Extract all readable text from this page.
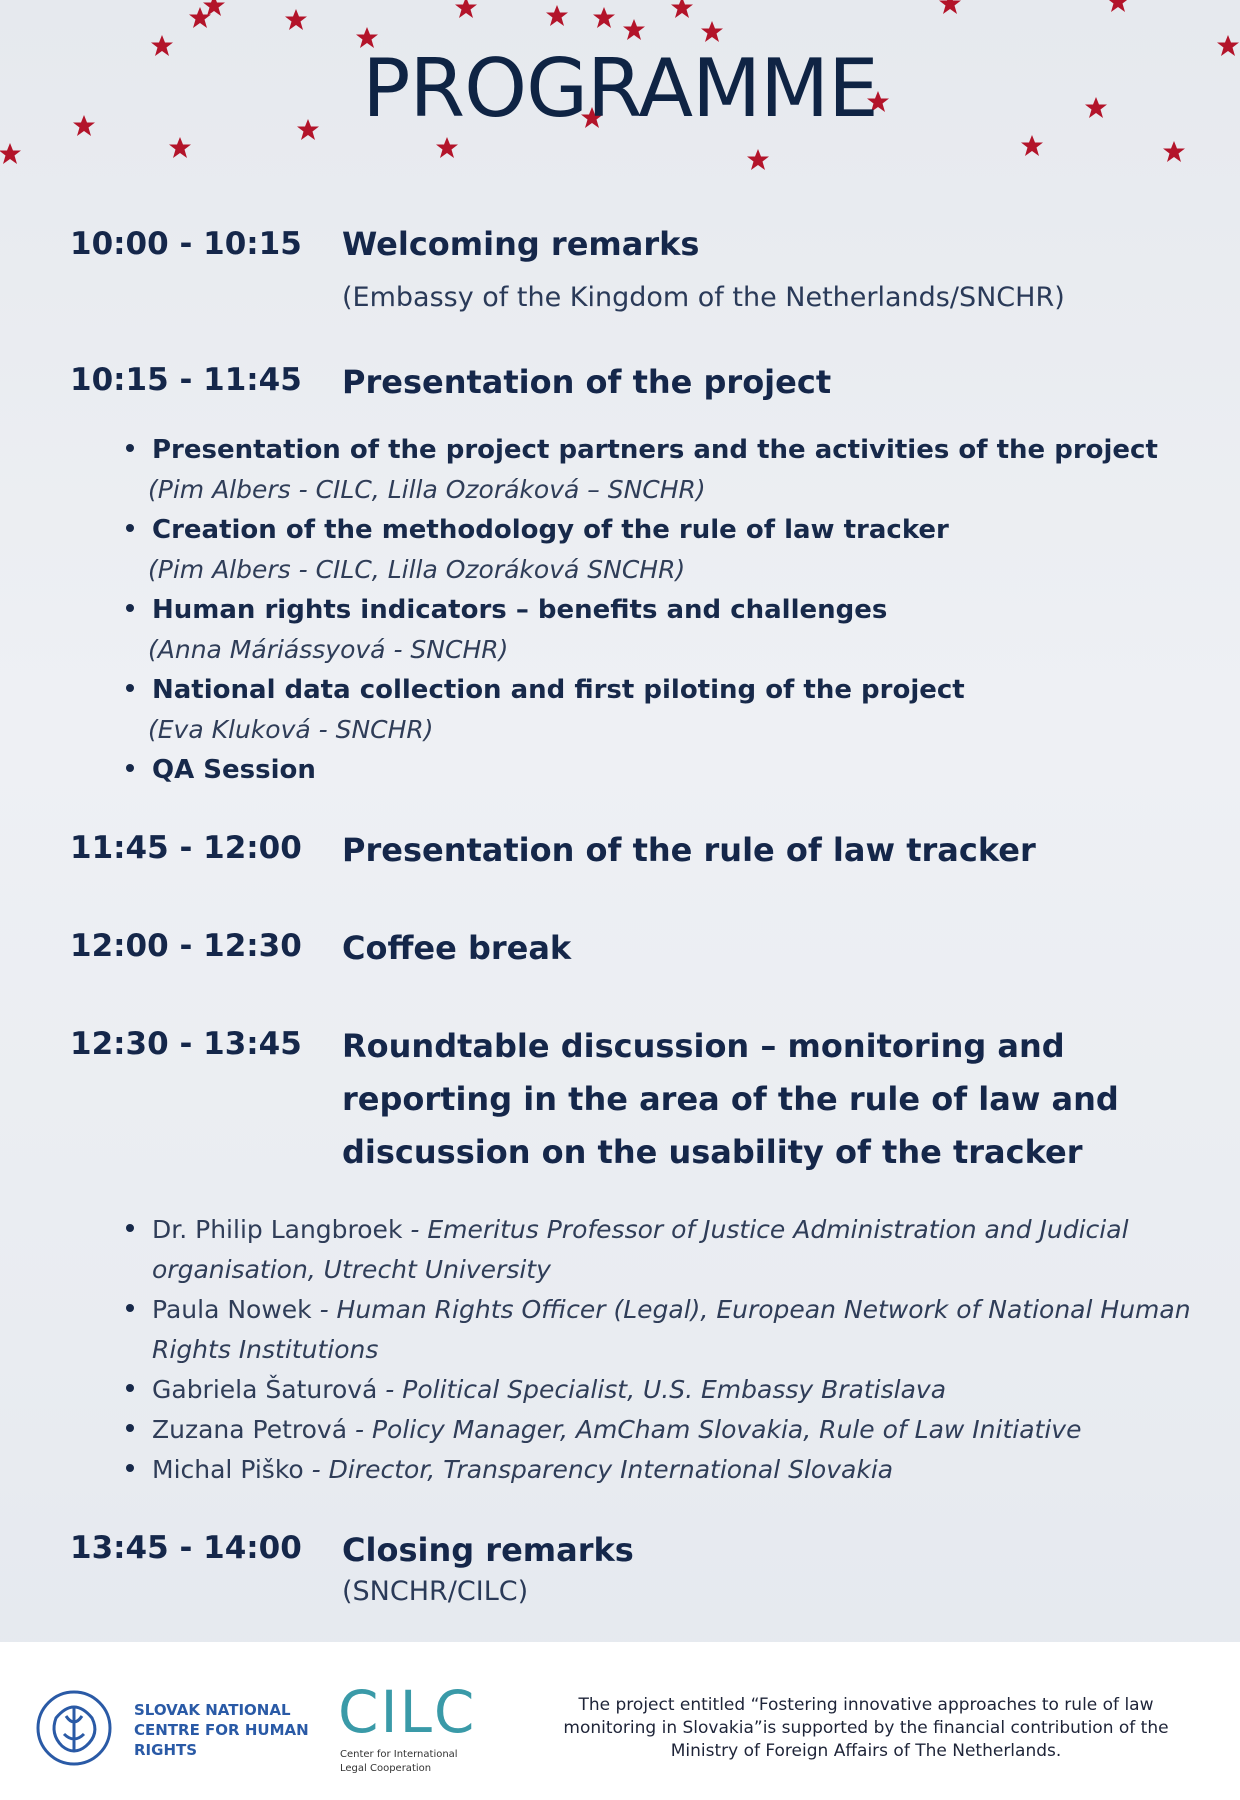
PROGRAMME
10:00 - 10:15	Welcoming remarks
(Embassy of the Kingdom of the Netherlands/SNCHR)
10:15 - 11:45	Presentation of the project
Presentation of the project partners and the activities of the project
(Pim Albers - CILC, Lilla Ozoráková – SNCHR)
Creation of the methodology of the rule of law tracker
(Pim Albers - CILC, Lilla Ozoráková SNCHR)
Human rights indicators – benefits and challenges
(Anna Máriássyová - SNCHR)
National data collection and first piloting of the project
(Eva Kluková - SNCHR)
QA Session
11:45 - 12:00	Presentation of the rule of law tracker
12:00 - 12:30	Coffee break
12:30 - 13:45	Roundtable discussion – monitoring and reporting in the area of the rule of law and discussion on the usability of the tracker
Dr. Philip Langbroek - Emeritus Professor of Justice Administration and Judicial organisation, Utrecht University
Paula Nowek - Human Rights Officer (Legal), European Network of National Human Rights Institutions
Gabriela Šaturová - Political Specialist, U.S. Embassy Bratislava
Zuzana Petrová - Policy Manager, AmCham Slovakia, Rule of Law Initiative
Michal Piško - Director, Transparency International Slovakia
13:45 - 14:00	Closing remarks
(SNCHR/CILC)
SLOVAK NATIONAL CENTRE FOR HUMAN RIGHTS
CILC
Center for International Legal Cooperation
The project entitled “Fostering innovative approaches to rule of law monitoring in Slovakia”is supported by the financial contribution of the Ministry of Foreign Affairs of The Netherlands.
